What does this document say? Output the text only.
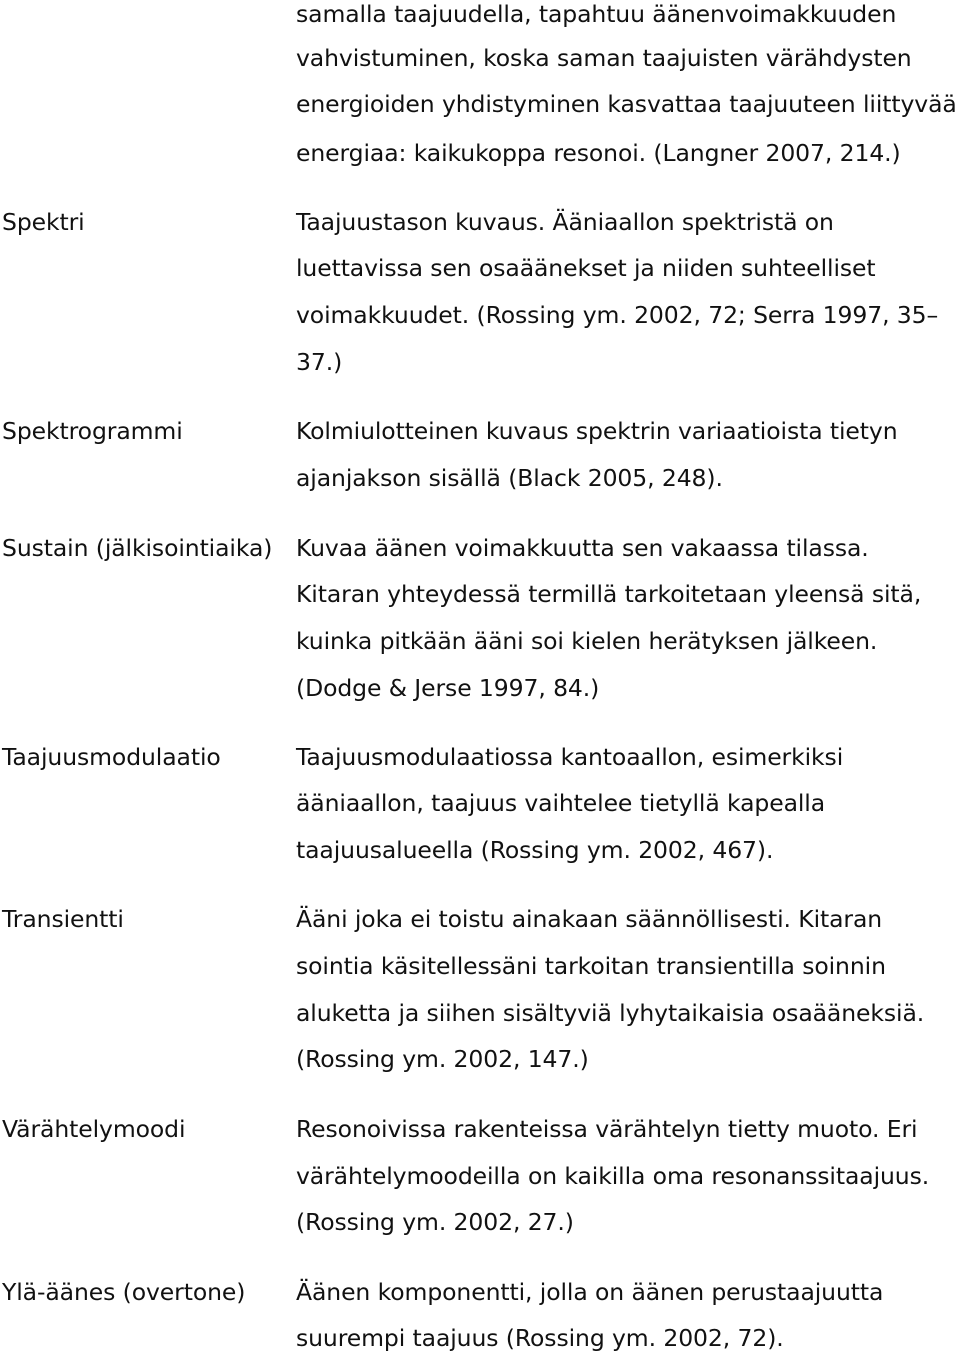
samalla taajuudella, tapahtuu äänenvoimakkuuden
vahvistuminen, koska saman taajuisten värähdysten
energioiden yhdistyminen kasvattaa taajuuteen liittyvää
energiaa: kaikukoppa resonoi. (Langner 2007, 214.)
Spektri	Taajuustason kuvaus. Ääniaallon spektristä on
luettavissa sen osaäänekset ja niiden suhteelliset
voimakkuudet. (Rossing ym. 2002, 72; Serra 1997, 35–
37.)
Spektrogrammi	Kolmiulotteinen kuvaus spektrin variaatioista tietyn
ajanjakson sisällä (Black 2005, 248).
Sustain (jälkisointiaika) Kuvaa äänen voimakkuutta sen vakaassa tilassa.
Kitaran yhteydessä termillä tarkoitetaan yleensä sitä,
kuinka pitkään ääni soi kielen herätyksen jälkeen.
(Dodge & Jerse 1997, 84.)
Taajuusmodulaatio	Taajuusmodulaatiossa kantoaallon, esimerkiksi
ääniaallon, taajuus vaihtelee tietyllä kapealla
taajuusalueella (Rossing ym. 2002, 467).
Transientti	Ääni joka ei toistu ainakaan säännöllisesti. Kitaran
sointia käsitellessäni tarkoitan transientilla soinnin
aluketta ja siihen sisältyviä lyhytaikaisia osaääneksiä.
(Rossing ym. 2002, 147.)
Värähtelymoodi	Resonoivissa rakenteissa värähtelyn tietty muoto. Eri
värähtelymoodeilla on kaikilla oma resonanssitaajuus.
(Rossing ym. 2002, 27.)
Ylä-äänes (overtone) Äänen komponentti, jolla on äänen perustaajuutta
suurempi taajuus (Rossing ym. 2002, 72).
